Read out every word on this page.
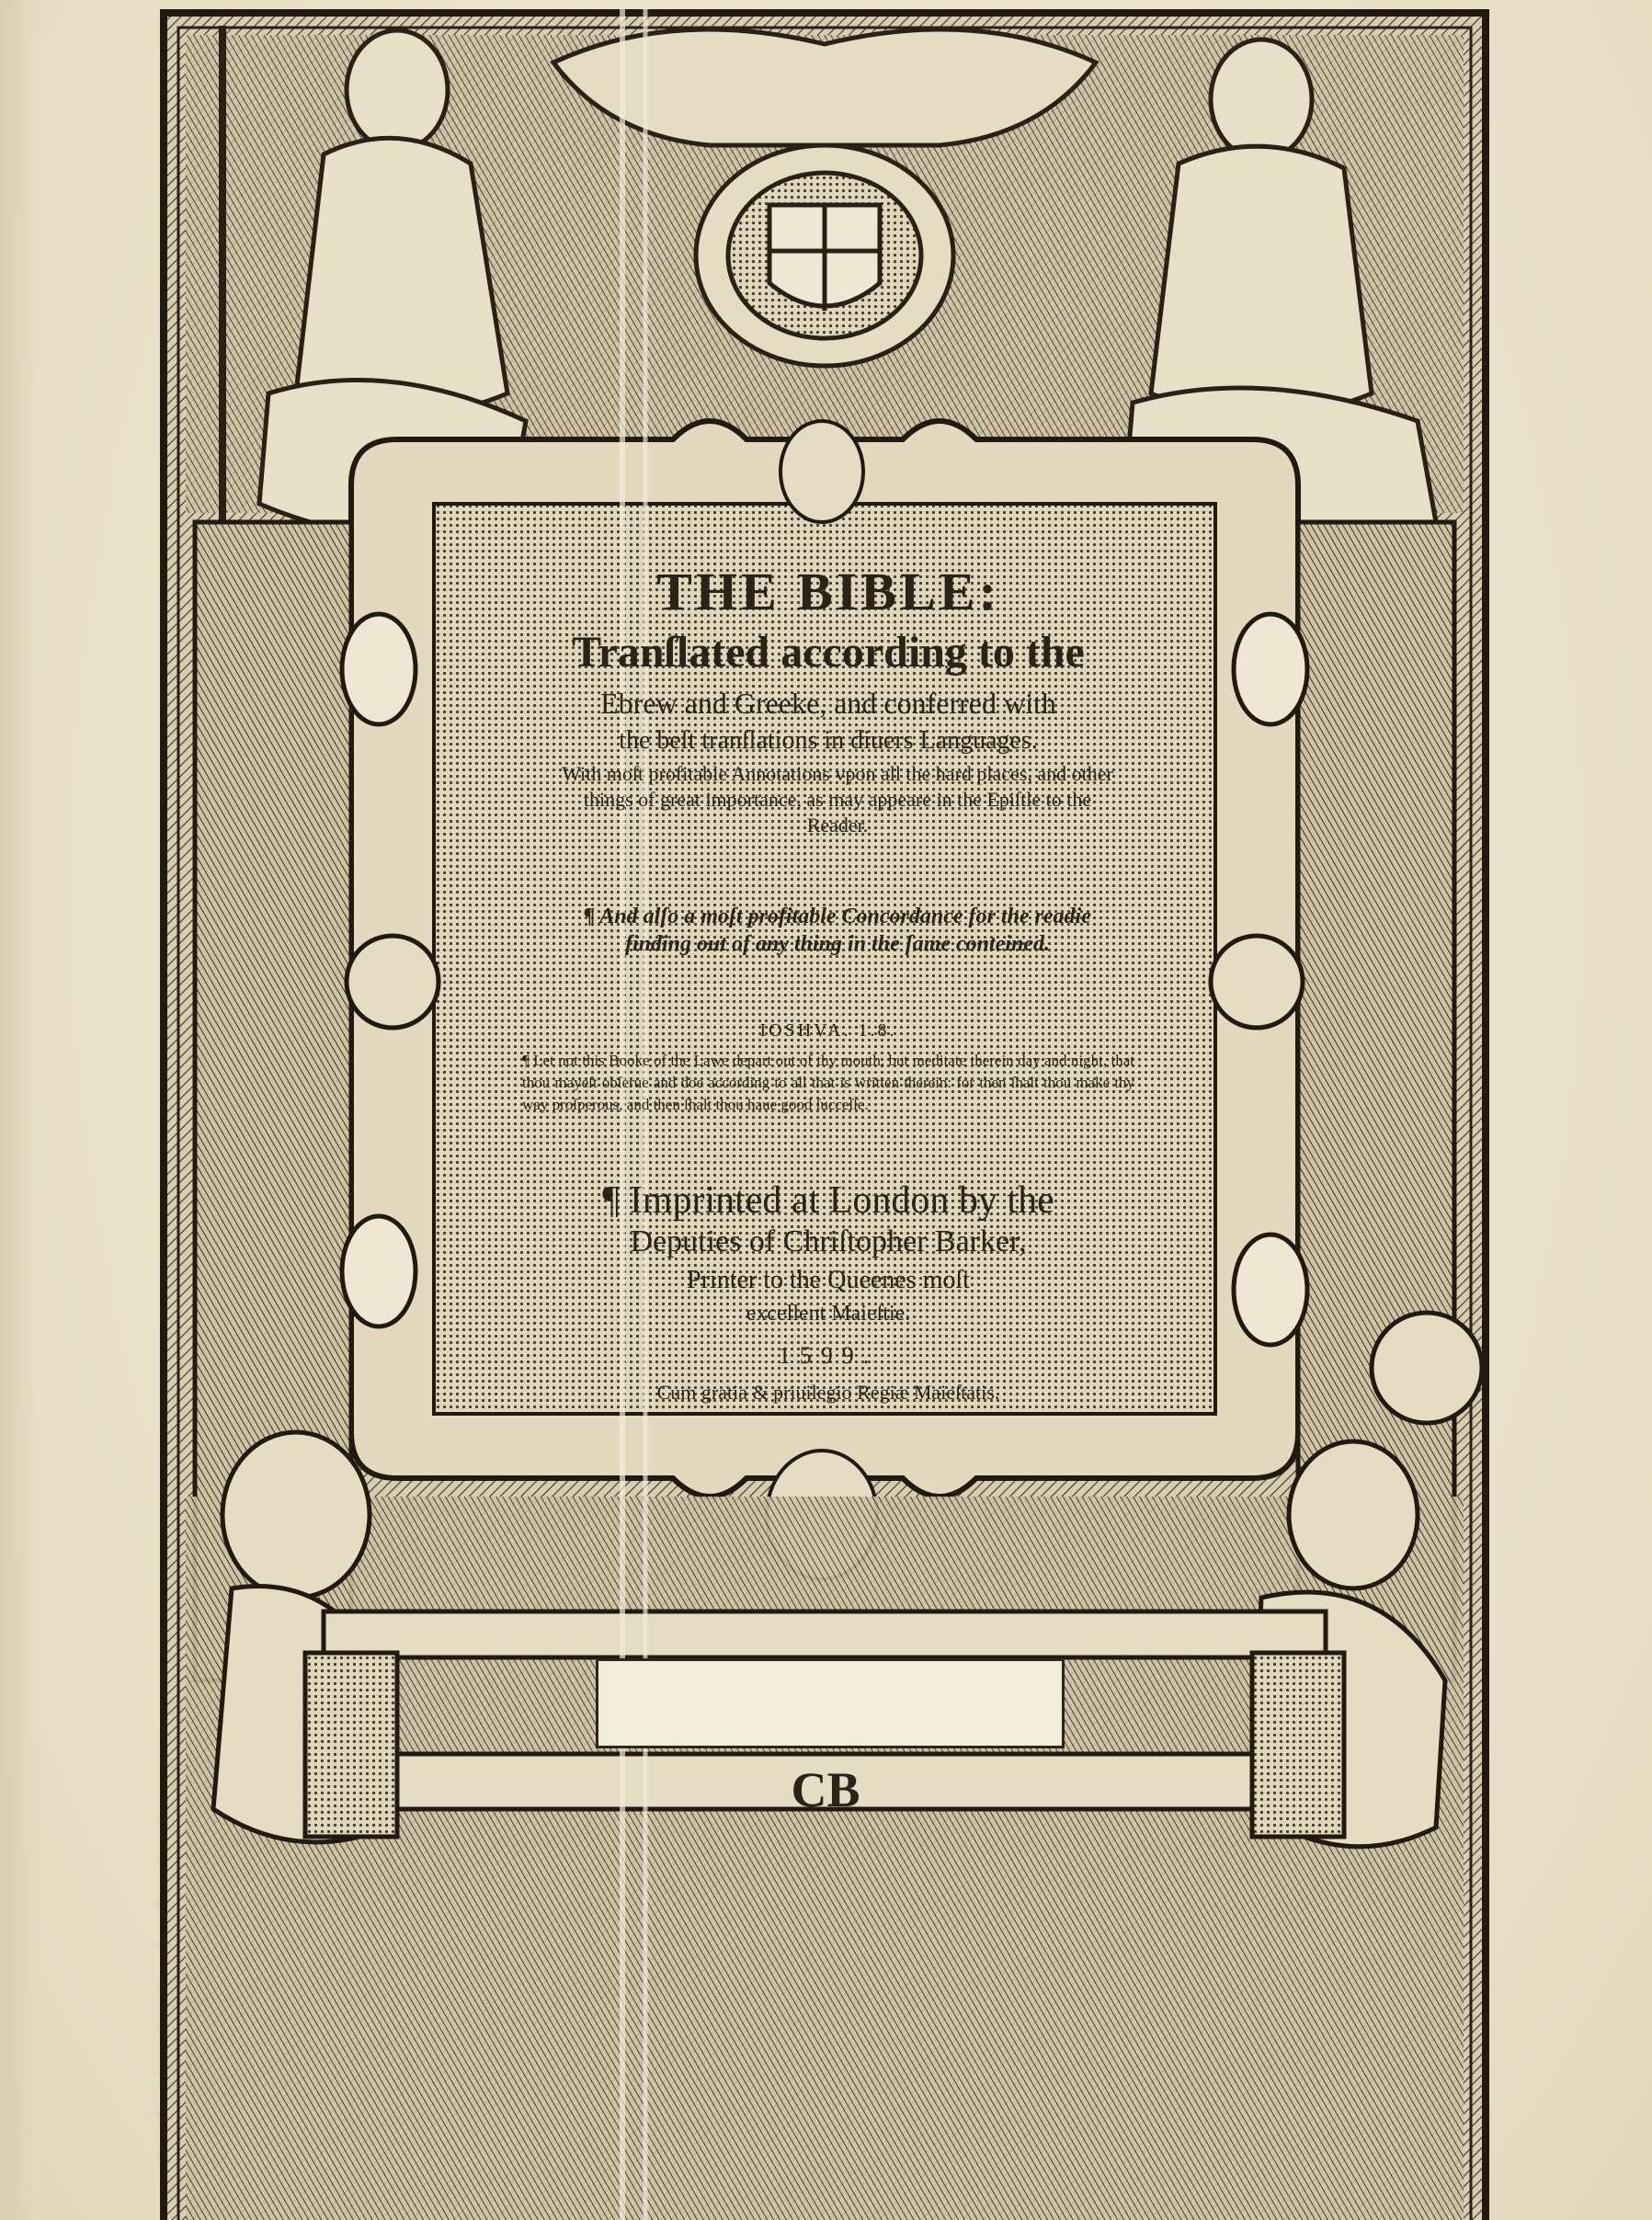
THE BIBLE:
Tranſlated according to the
Ebrew and Greeke, and conferred with
the beſt tranſlations in diuers Languages.
With moſt profitable Annotations vpon all the hard places, and other things of great importance, as may appeare in the Epiſtle to the Reader.
¶ And alſo a moſt profitable Concordance for the readie finding out of any thing in the ſame conteined.
IOSHVA. 1.8.
¶ Let not this Booke of the Lawe depart out of thy mouth, but meditate therein day and night, that thou mayeſt obſerue and doe according to all that is written therein: for then ſhalt thou make thy way proſperous, and then ſhalt thou haue good ſucceſſe.
¶ Imprinted at London by the
Deputies of Chriſtopher Barker,
Printer to the Queenes moſt
excellent Maieſtie.
1599.
Cum gratia & priuilegio Regiæ Maieſtatis.
CB
